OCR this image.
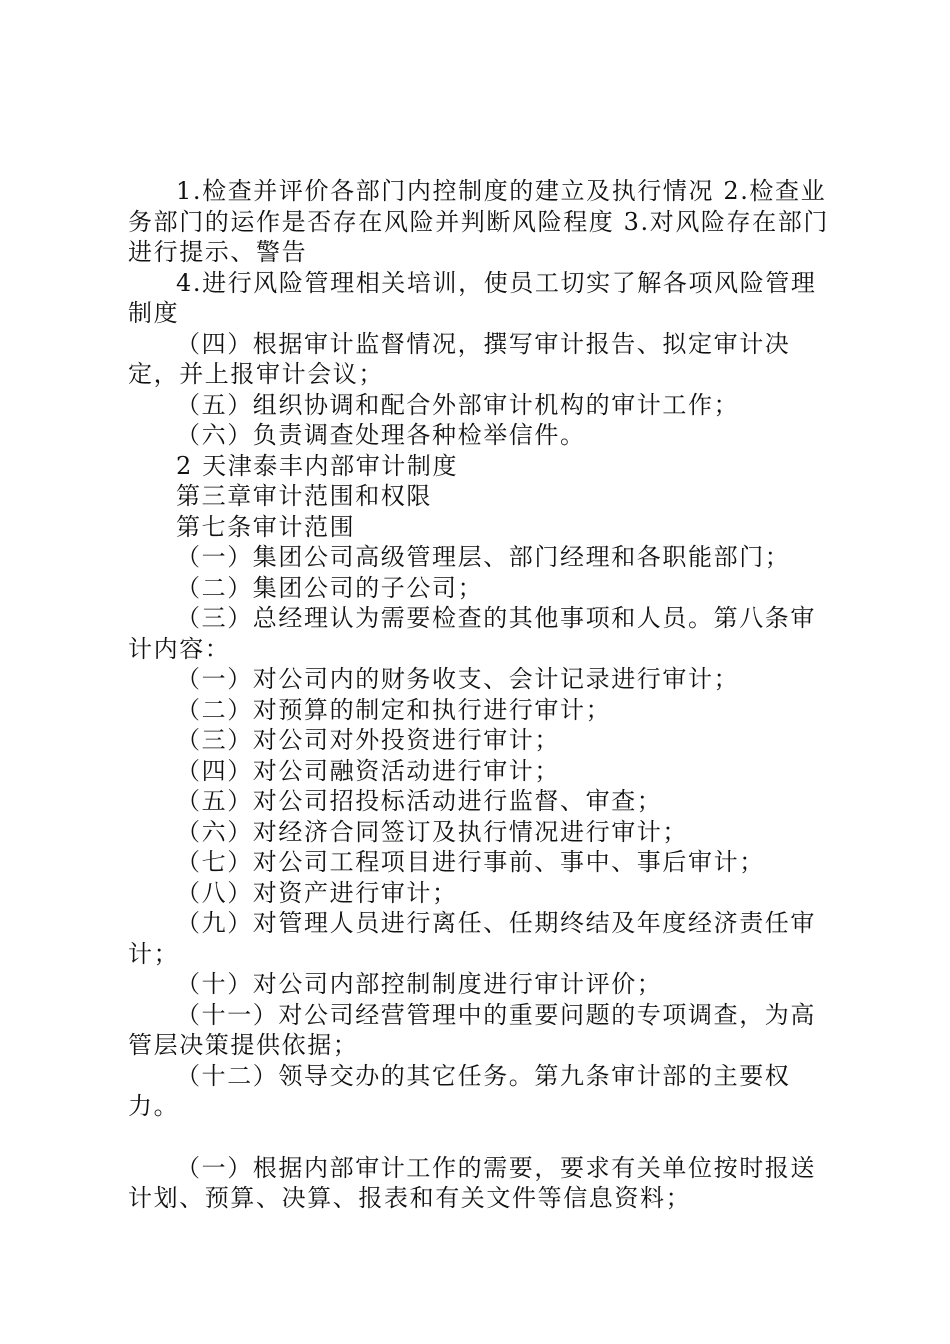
1.检查并评价各部门内控制度的建立及执行情况 2.检查业务部门的运作是否存在风险并判断风险程度 3.对风险存在部门进行提示、警告

4.进行风险管理相关培训，使员工切实了解各项风险管理制度

（四）根据审计监督情况，撰写审计报告、拟定审计决定，并上报审计会议；

（五）组织协调和配合外部审计机构的审计工作；

（六）负责调查处理各种检举信件。

2 天津泰丰内部审计制度

第三章审计范围和权限

第七条审计范围

（一）集团公司高级管理层、部门经理和各职能部门；

（二）集团公司的子公司；

（三）总经理认为需要检查的其他事项和人员。第八条审计内容：

（一）对公司内的财务收支、会计记录进行审计；

（二）对预算的制定和执行进行审计；

（三）对公司对外投资进行审计；

（四）对公司融资活动进行审计；

（五）对公司招投标活动进行监督、审查；

（六）对经济合同签订及执行情况进行审计；

（七）对公司工程项目进行事前、事中、事后审计；

（八）对资产进行审计；

（九）对管理人员进行离任、任期终结及年度经济责任审计；

（十）对公司内部控制制度进行审计评价；

（十一）对公司经营管理中的重要问题的专项调查，为高管层决策提供依据；

（十二）领导交办的其它任务。第九条审计部的主要权力。

（一）根据内部审计工作的需要，要求有关单位按时报送计划、预算、决算、报表和有关文件等信息资料；
